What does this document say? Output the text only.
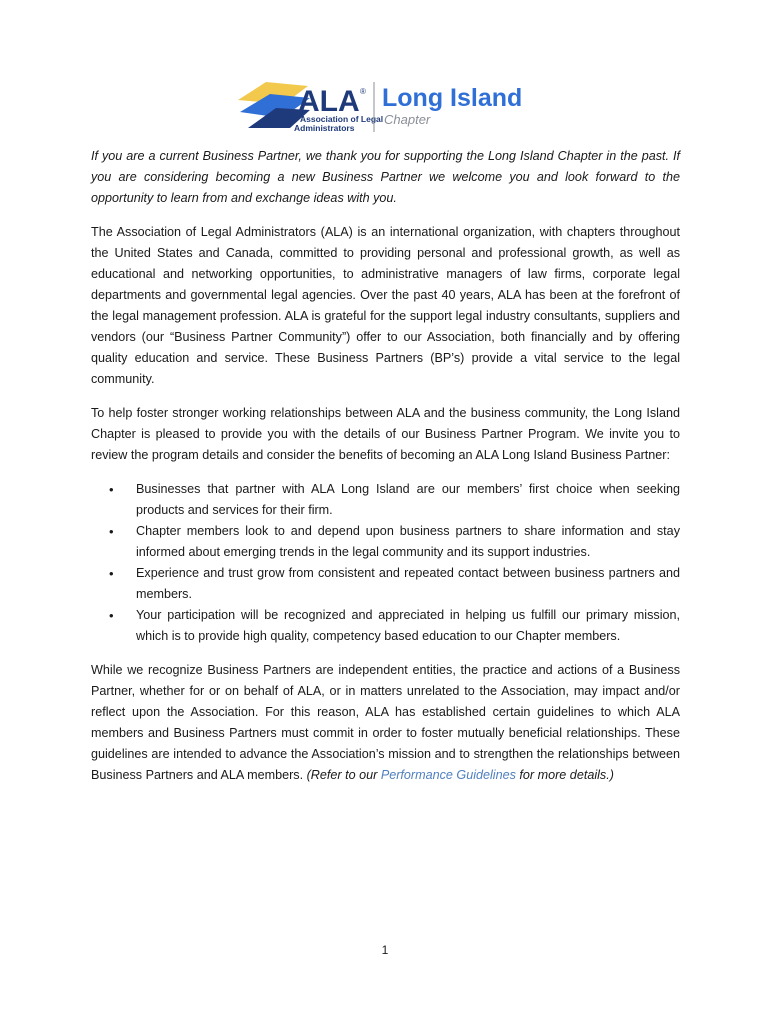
ALA ®
Association of Legal
Administrators
Long Island
Chapter

If you are a current Business Partner, we thank you for supporting the Long Island Chapter in the past. If you are considering becoming a new Business Partner we welcome you and look forward to the opportunity to learn from and exchange ideas with you.

The Association of Legal Administrators (ALA) is an international organization, with chapters throughout the United States and Canada, committed to providing personal and professional growth, as well as educational and networking opportunities, to administrative managers of law firms, corporate legal departments and governmental legal agencies. Over the past 40 years, ALA has been at the forefront of the legal management profession. ALA is grateful for the support legal industry consultants, suppliers and vendors (our “Business Partner Community”) offer to our Association, both financially and by offering quality education and service. These Business Partners (BP’s) provide a vital service to the legal community.

To help foster stronger working relationships between ALA and the business community, the Long Island Chapter is pleased to provide you with the details of our Business Partner Program. We invite you to review the program details and consider the benefits of becoming an ALA Long Island Business Partner:

• Businesses that partner with ALA Long Island are our members’ first choice when seeking products and services for their firm.
• Chapter members look to and depend upon business partners to share information and stay informed about emerging trends in the legal community and its support industries.
• Experience and trust grow from consistent and repeated contact between business partners and members.
• Your participation will be recognized and appreciated in helping us fulfill our primary mission, which is to provide high quality, competency based education to our Chapter members.

While we recognize Business Partners are independent entities, the practice and actions of a Business Partner, whether for or on behalf of ALA, or in matters unrelated to the Association, may impact and/or reflect upon the Association. For this reason, ALA has established certain guidelines to which ALA members and Business Partners must commit in order to foster mutually beneficial relationships. These guidelines are intended to advance the Association’s mission and to strengthen the relationships between Business Partners and ALA members. (Refer to our Performance Guidelines for more details.)

1
